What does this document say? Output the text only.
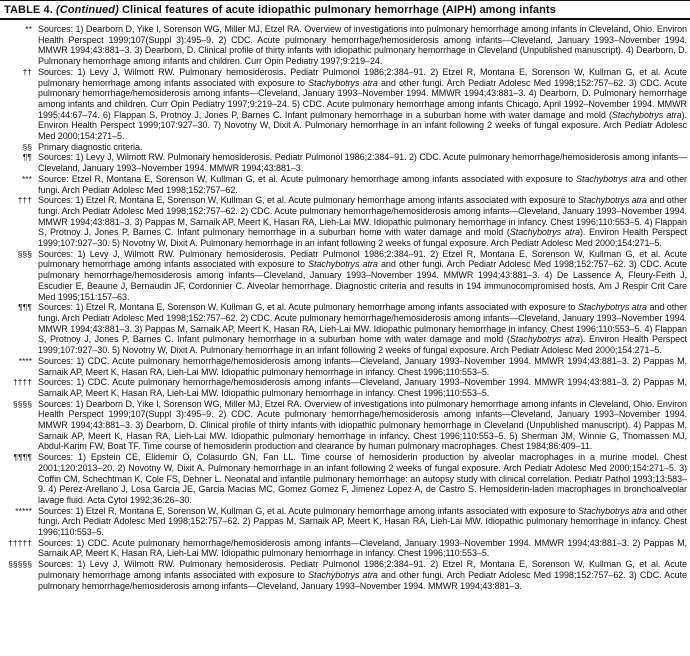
TABLE 4. (Continued) Clinical features of acute idiopathic pulmonary hemorrhage (AIPH) among infants
** Sources: 1) Dearborn D, Yike I, Sorenson WG, Miller MJ, Etzel RA. Overview of investigations into pulmonary hemorrhage among infants in Cleveland, Ohio. Environ Health Perspect 1999;107(Suppl 3):495–9. 2) CDC. Acute pulmonary hemorrhage/hemosiderosis among infants—Cleveland, January 1993–November 1994. MMWR 1994;43:881–3. 3) Dearborn, D. Clinical profile of thirty infants with idiopathic pulmonary hemorrhage in Cleveland (Unpublished manuscript). 4) Dearborn, D. Pulmonary hemorrhage among infants and children. Curr Opin Pediatry 1997;9:219–24.
†† Sources: 1) Levy J, Wilmott RW. Pulmonary hemosiderosis. Pediatr Pulmonol 1986;2:384–91. 2) Etzel R, Montana E, Sorenson W, Kullman G, et al. Acute pulmonary hemorrhage among infants associated with exposure to Stachybotrys atra and other fungi. Arch Pediatr Adolesc Med 1998;152:757–62. 3) CDC. Acute pulmonary hemorrhage/hemosiderosis among infants—Cleveland, January 1993–November 1994. MMWR 1994;43:881–3. 4) Dearborn, D. Pulmonary hemorrhage among infants and children. Curr Opin Pediatry 1997;9:219–24. 5) CDC. Acute pulmonary hemorrhage among infants Chicago, April 1992–November 1994. MMWR 1995;44:67–74. 6) Flappan S, Protnoy J, Jones P, Barnes C. Infant pulmonary hemorrhage in a suburban home with water damage and mold (Stachybotrys atra). Environ Health Perspect 1999;107:927–30. 7) Novotny W, Dixit A. Pulmonary hemorrhage in an infant following 2 weeks of fungal exposure. Arch Pediatr Adolesc Med 2000;154:271–5.
§§ Primary diagnostic criteria.
¶¶ Sources: 1) Levy J, Wilmott RW. Pulmonary hemosiderosis. Pediatr Pulmonol 1986;2:384–91. 2) CDC. Acute pulmonary hemorrhage/hemosiderosis among infants—Cleveland, January 1993–November 1994. MMWR 1994;43:881–3.
*** Source: Etzel R, Montana E, Sorenson W, Kullman G, et al. Acute pulmonary hemorrhage among infants associated with exposure to Stachybotrys atra and other fungi. Arch Pediatr Adolesc Med 1998;152:757–62.
††† Sources: 1) Etzel R, Montana E, Sorenson W, Kullman G, et al. Acute pulmonary hemorrhage among infants associated with exposure to Stachybotrys atra and other fungi. Arch Pediatr Adolesc Med 1998;152:757–62. 2) CDC. Acute pulmonary hemorrhage/hemosiderosis among infants—Cleveland, January 1993–November 1994. MMWR 1994;43:881–3. 3) Pappas M, Sarnaik AP, Meert K, Hasan RA, Lieh-Lai MW. Idiopathic pulmonary hemorrhage in infancy. Chest 1996;110:553–5. 4) Flappan S, Protnoy J, Jones P, Barnes C. Infant pulmonary hemorrhage in a suburban home with water damage and mold (Stachybotrys atra). Environ Health Perspect 1999;107:927–30. 5) Novotny W, Dixit A. Pulmonary hemorrhage in an infant following 2 weeks of fungal exposure. Arch Pediatr Adolesc Med 2000;154:271–5.
§§§ Sources: 1) Levy J, Wilmott RW. Pulmonary hemosiderosis. Pediatr Pulmonol 1986;2:384–91. 2) Etzel R, Montana E, Sorenson W, Kullman G, et al. Acute pulmonary hemorrhage among infants associated with exposure to Stachybotrys atra and other fungi. Arch Pediatr Adolesc Med 1998;152:757–62. 3) CDC. Acute pulmonary hemorrhage/hemosiderosis among infants—Cleveland, January 1993–November 1994. MMWR 1994;43:881–3. 4) De Lassence A, Fleury-Feith J, Escudier E, Beaune J, Bernaudin JF, Cordonnier C. Alveolar hemorrhage. Diagnostic criteria and results in 194 immunocompromised hosts. Am J Respir Crit Care Med 1995;151:157–63.
¶¶¶ Sources: 1) Etzel R, Montana E, Sorenson W, Kullman G, et al. Acute pulmonary hemorrhage among infants associated with exposure to Stachybotrys atra and other fungi. Arch Pediatr Adolesc Med 1998;152:757–62. 2) CDC. Acute pulmonary hemorrhage/hemosiderosis among infants—Cleveland, January 1993–November 1994. MMWR 1994;43:881–3. 3) Pappas M, Sarnaik AP, Meert K, Hasan RA, Lieh-Lai MW. Idiopathic pulmonary hemorrhage in infancy. Chest 1996;110:553–5. 4) Flappan S, Protnoy J, Jones P, Barnes C. Infant pulmonary hemorrhage in a suburban home with water damage and mold (Stachybotrys atra). Environ Health Perspect 1999;107:927–30. 5) Novotny W, Dixit A. Pulmonary hemorrhage in an infant following 2 weeks of fungal exposure. Arch Pediatr Adolesc Med 2000;154:271–5.
**** Sources: 1) CDC. Acute pulmonary hemorrhage/hemosiderosis among infants—Cleveland, January 1993–November 1994. MMWR 1994;43:881–3. 2) Pappas M, Sarnaik AP, Meert K, Hasan RA, Lieh-Lai MW. Idiopathic pulmonary hemorrhage in infancy. Chest 1996;110:553–5.
†††† Sources: 1) CDC. Acute pulmonary hemorrhage/hemosiderosis among infants—Cleveland, January 1993–November 1994. MMWR 1994;43:881–3. 2) Pappas M, Sarnaik AP, Meert K, Hasan RA, Lieh-Lai MW. Idiopathic pulmonary hemorrhage in infancy. Chest 1996;110:553–5.
§§§§ Sources: 1) Dearborn D, Yike I, Sorenson WG, Miller MJ, Etzel RA. Overview of investigations into pulmonary hemorrhage among infants in Cleveland, Ohio. Environ Health Perspect 1999;107(Suppl 3):495–9. 2) CDC. Acute pulmonary hemorrhage/hemosiderosis among infants—Cleveland, January 1993–November 1994. MMWR 1994;43:881–3. 3) Dearborn, D. Clinical profile of thirty infants with idiopathic pulmonary hemorrhage in Cleveland (Unpublished manuscript). 4) Pappas M, Sarnaik AP, Meert K, Hasan RA, Lieh-Lai MW. Idiopathic pulmonary hemorrhage in infancy. Chest 1996;110:553–5. 5) Sherman JM, Winnie G, Thomassen MJ, Abdul-Karim FW, Boat TF. Time course of hemosiderin production and clearance by human pulmonary macrophages. Chest 1984;86:409–11.
¶¶¶¶ Sources: 1) Epstein CE, Elidemir O, Colasurdo GN, Fan LL. Time course of hemosiderin production by alveolar macrophages in a murine model. Chest 2001;120:2013–20. 2) Novotny W, Dixit A. Pulmonary hemorrhage in an infant following 2 weeks of fungal exposure. Arch Pediatr Adolesc Med 2000;154:271–5. 3) Coffin CM, Schechtman K, Cole FS, Dehner L. Neonatal and infantile pulmonary hemorrhage: an autopsy study with clinical correlation. Pediatr Pathol 1993;13:583–9. 4) Perez-Arellano J, Losa Garcia JE, Garcia Macias MC, Gomez Gomez F, Jimenez Lopez A, de Castro S. Hemosiderin-laden macrophages in bronchoalveolar lavage fluid. Acta Cytol 1992;36:26–30.
***** Sources: 1) Etzel R, Montana E, Sorenson W, Kullman G, et al. Acute pulmonary hemorrhage among infants associated with exposure to Stachybotrys atra and other fungi. Arch Pediatr Adolesc Med 1998;152:757–62. 2) Pappas M, Sarnaik AP, Meert K, Hasan RA, Lieh-Lai MW. Idiopathic pulmonary hemorrhage in infancy. Chest 1996;110:553–5.
††††† Sources: 1) CDC. Acute pulmonary hemorrhage/hemosiderosis among infants—Cleveland, January 1993–November 1994. MMWR 1994;43:881–3. 2) Pappas M, Sarnaik AP, Meert K, Hasan RA, Lieh-Lai MW. Idiopathic pulmonary hemorrhage in infancy. Chest 1996;110:553–5.
§§§§§ Sources: 1) Levy J, Wilmott RW. Pulmonary hemosiderosis. Pediatr Pulmonol 1986;2:384–91. 2) Etzel R, Montana E, Sorenson W, Kullman G, et al. Acute pulmonary hemorrhage among infants associated with exposure to Stachybotrys atra and other fungi. Arch Pediatr Adolesc Med 1998;152:757–62. 3) CDC. Acute pulmonary hemorrhage/hemosiderosis among infants—Cleveland, January 1993–November 1994. MMWR 1994;43:881–3.
